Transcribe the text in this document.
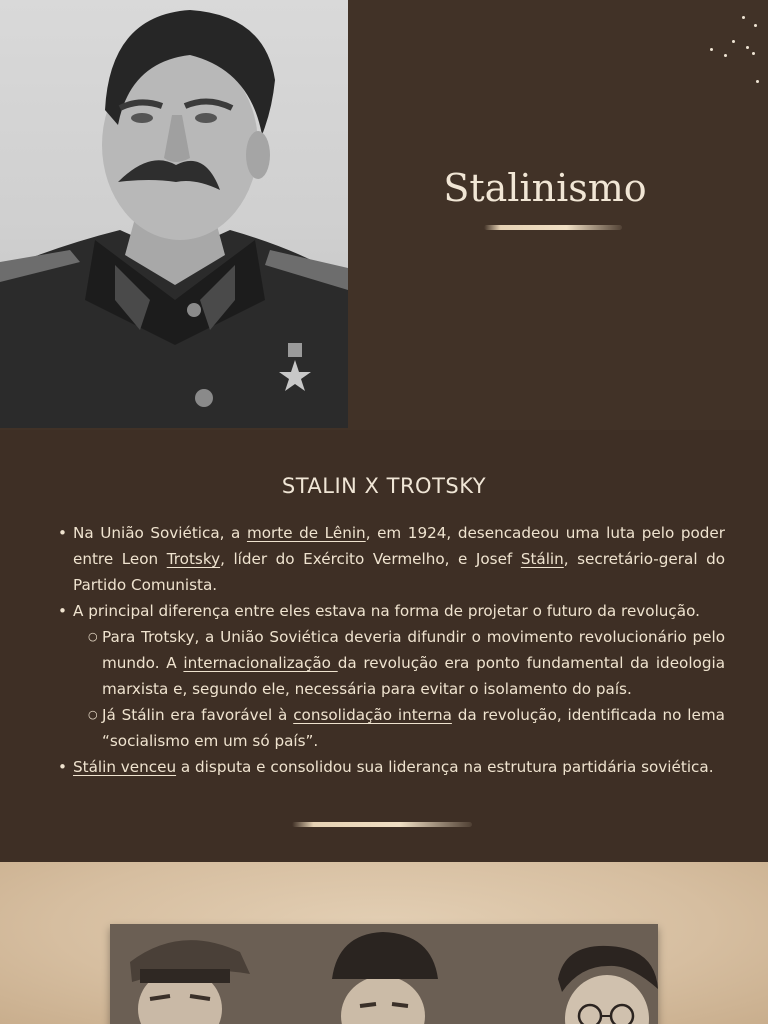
Stalinismo
STALIN X TROTSKY
• Na União Soviética, a morte de Lênin, em 1924, desencadeou uma luta pelo poder entre Leon Trotsky, líder do Exército Vermelho, e Josef Stálin, secretário-geral do Partido Comunista.
• A principal diferença entre eles estava na forma de projetar o futuro da revolução.
○ Para Trotsky, a União Soviética deveria difundir o movimento revolucionário pelo mundo. A internacionalização da revolução era ponto fundamental da ideologia marxista e, segundo ele, necessária para evitar o isolamento do país.
○ Já Stálin era favorável à consolidação interna da revolução, identificada no lema “socialismo em um só país”.
• Stálin venceu a disputa e consolidou sua liderança na estrutura partidária soviética.
